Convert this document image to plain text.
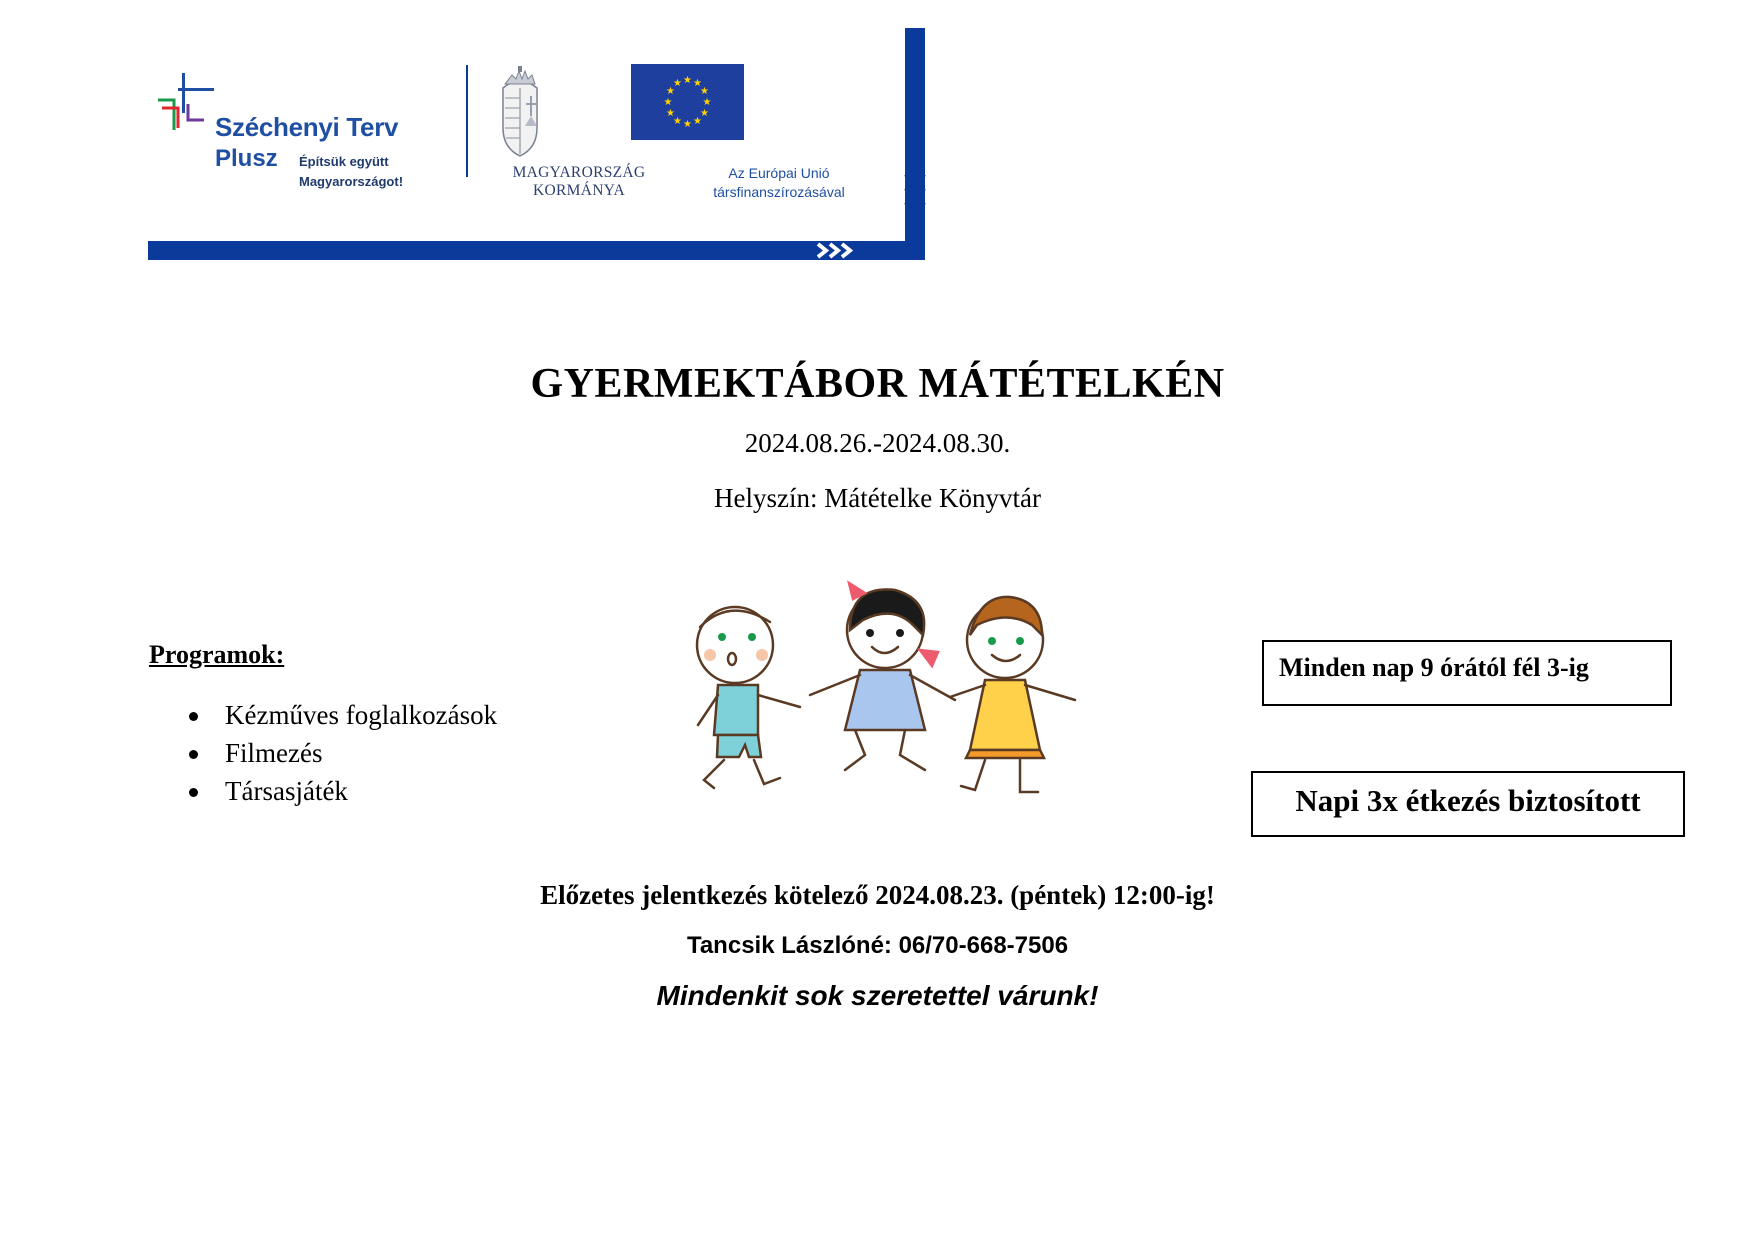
★ ★
★
★
★
★
★
★
★
★
★
★
Széchenyi Terv
Plusz Építsük együtt
Magyarországot!
MAGYARORSZÁG
KORMÁNYA
Az Európai Unió
társfinanszírozásával
GYERMEKTÁBOR MÁTÉTELKÉN
2024.08.26.-2024.08.30.
Helyszín: Mátételke Könyvtár
Programok:
Kézműves foglalkozások
Filmezés
Társasjáték
Minden nap 9 órától fél 3-ig
Napi 3x étkezés biztosított
Előzetes jelentkezés kötelező 2024.08.23. (péntek) 12:00-ig!
Tancsik Lászlóné: 06/70-668-7506
Mindenkit sok szeretettel várunk!
